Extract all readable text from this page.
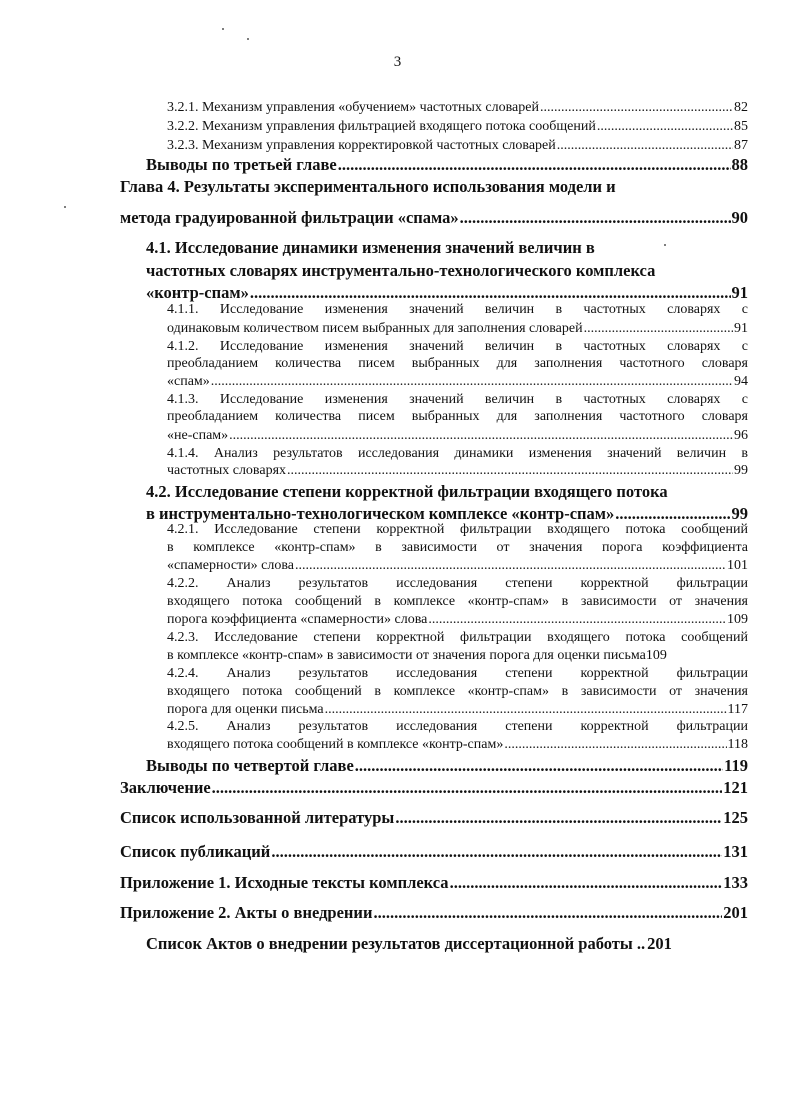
3
3.2.1. Механизм управления «обучением» частотных словарей .....	82
3.2.2. Механизм управления фильтрацией входящего потока сообщений .....	85
3.2.3. Механизм управления корректировкой частотных словарей .....	87
Выводы по третьей главе .....	88
Глава 4. Результаты экспериментального использования модели и
метода градуированной фильтрации «спама» .....	90
4.1. Исследование динамики изменения значений величин в
частотных словарях инструментально-технологического комплекса
«контр-спам» .....	91
4.1.1. Исследование изменения значений величин в частотных словарях с
одинаковым количеством писем выбранных для заполнения словарей .....	91
4.1.2. Исследование изменения значений величин в частотных словарях с
преобладанием количества писем выбранных для заполнения частотного словаря
«спам» .....	94
4.1.3. Исследование изменения значений величин в частотных словарях с
преобладанием количества писем выбранных для заполнения частотного словаря
«не-спам» .....	96
4.1.4. Анализ результатов исследования динамики изменения значений величин в
частотных словарях .....	99
4.2. Исследование степени корректной фильтрации входящего потока
в инструментально-технологическом комплексе «контр-спам» .....	99
4.2.1. Исследование степени корректной фильтрации входящего потока сообщений
в комплексе «контр-спам» в зависимости от значения порога коэффициента
«спамерности» слова .....	101
4.2.2. Анализ результатов исследования степени корректной фильтрации
входящего потока сообщений в комплексе «контр-спам» в зависимости от значения
порога коэффициента «спамерности» слова .....	109
4.2.3. Исследование степени корректной фильтрации входящего потока сообщений
в комплексе «контр-спам» в зависимости от значения порога для оценки письма 109
4.2.4. Анализ результатов исследования степени корректной фильтрации
входящего потока сообщений в комплексе «контр-спам» в зависимости от значения
порога для оценки письма .....	117
4.2.5. Анализ результатов исследования степени корректной фильтрации
входящего потока сообщений в комплексе «контр-спам» .....	118
Выводы по четвертой главе .....	119
Заключение .....	121
Список использованной литературы .....	125
Список публикаций .....	131
Приложение 1. Исходные тексты комплекса .....	133
Приложение 2. Акты о внедрении .....	201
Список Актов о внедрении результатов диссертационной работы .. 201
